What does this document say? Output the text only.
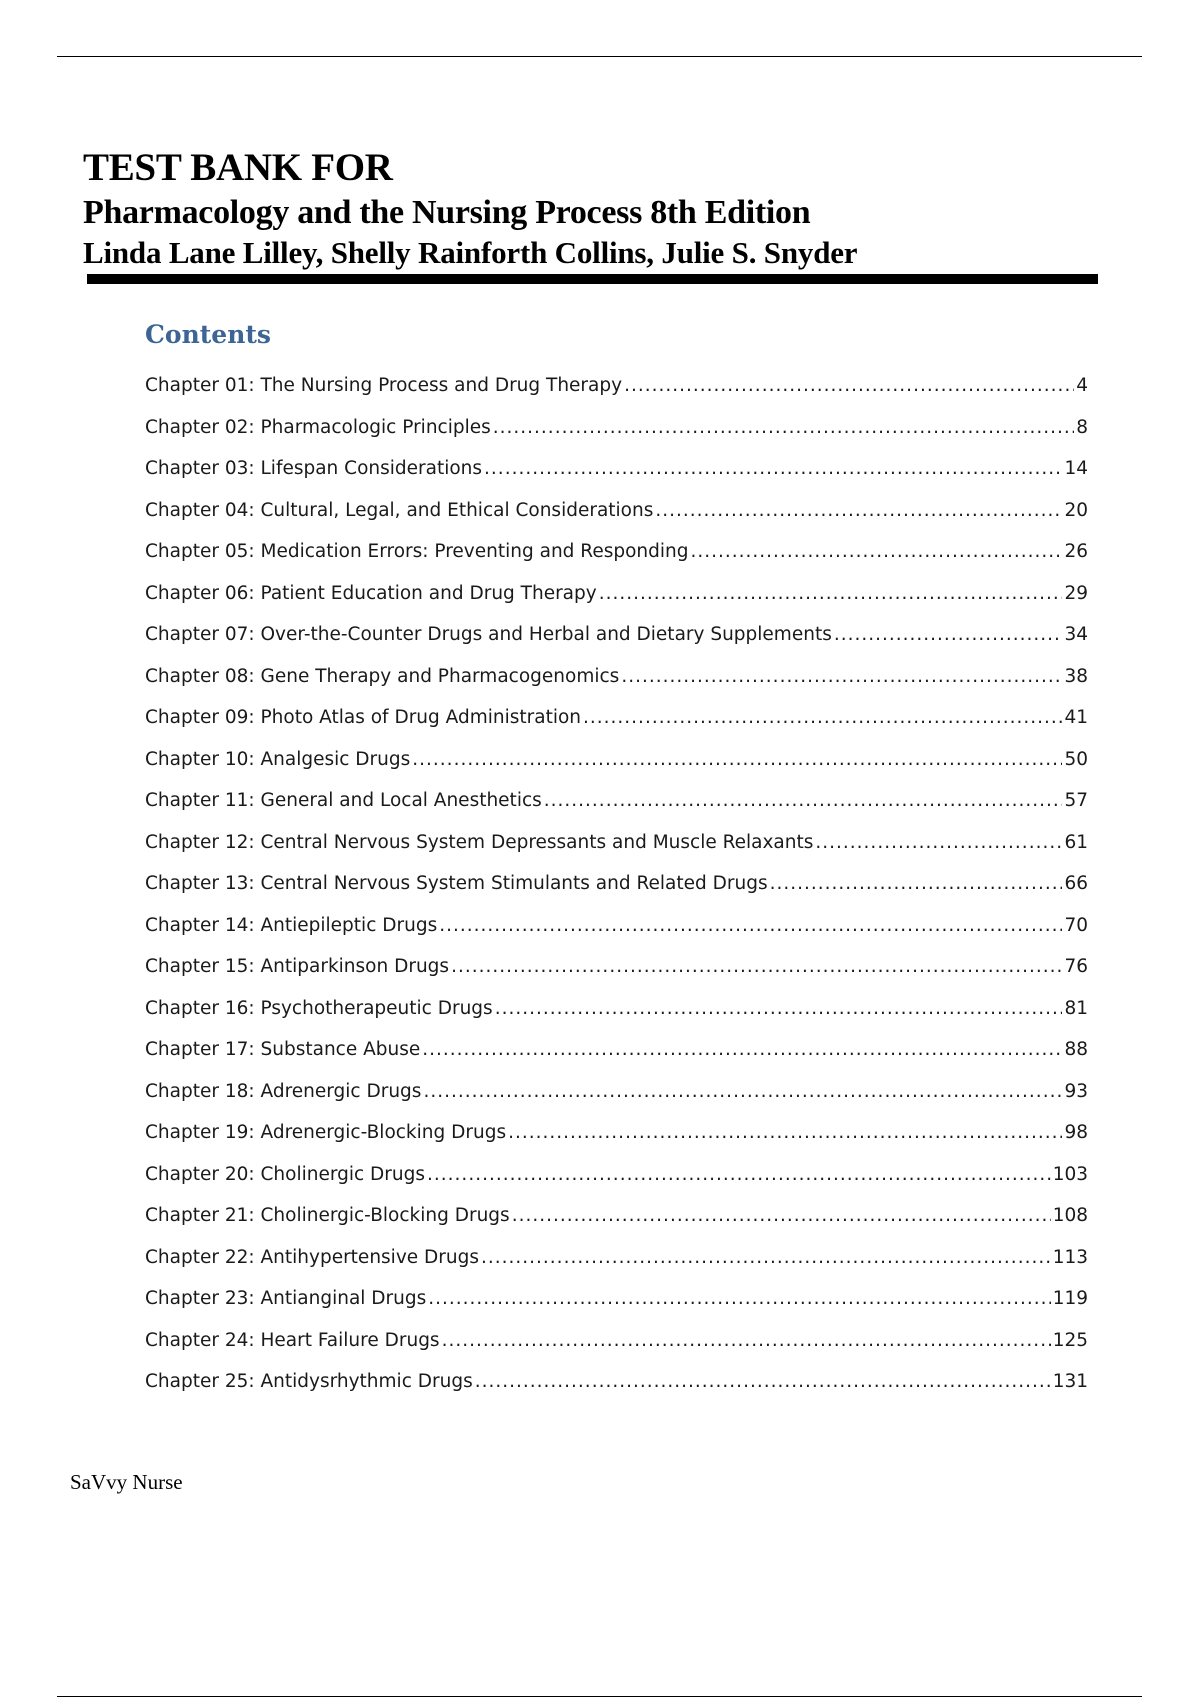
TEST BANK FOR
Pharmacology and the Nursing Process 8th Edition
Linda Lane Lilley, Shelly Rainforth Collins, Julie S. Snyder
Contents
Chapter 01: The Nursing Process and Drug Therapy .....	4
Chapter 02: Pharmacologic Principles .....	8
Chapter 03: Lifespan Considerations .....	14
Chapter 04: Cultural, Legal, and Ethical Considerations .....	20
Chapter 05: Medication Errors: Preventing and Responding .....	26
Chapter 06: Patient Education and Drug Therapy .....	29
Chapter 07: Over-the-Counter Drugs and Herbal and Dietary Supplements .....	34
Chapter 08: Gene Therapy and Pharmacogenomics .....	38
Chapter 09: Photo Atlas of Drug Administration .....	41
Chapter 10: Analgesic Drugs .....	50
Chapter 11: General and Local Anesthetics .....	57
Chapter 12: Central Nervous System Depressants and Muscle Relaxants .....	61
Chapter 13: Central Nervous System Stimulants and Related Drugs .....	66
Chapter 14: Antiepileptic Drugs .....	70
Chapter 15: Antiparkinson Drugs .....	76
Chapter 16: Psychotherapeutic Drugs .....	81
Chapter 17: Substance Abuse .....	88
Chapter 18: Adrenergic Drugs .....	93
Chapter 19: Adrenergic-Blocking Drugs .....	98
Chapter 20: Cholinergic Drugs .....	103
Chapter 21: Cholinergic-Blocking Drugs .....	108
Chapter 22: Antihypertensive Drugs .....	113
Chapter 23: Antianginal Drugs .....	119
Chapter 24: Heart Failure Drugs .....	125
Chapter 25: Antidysrhythmic Drugs .....	131

SaVvy Nurse
